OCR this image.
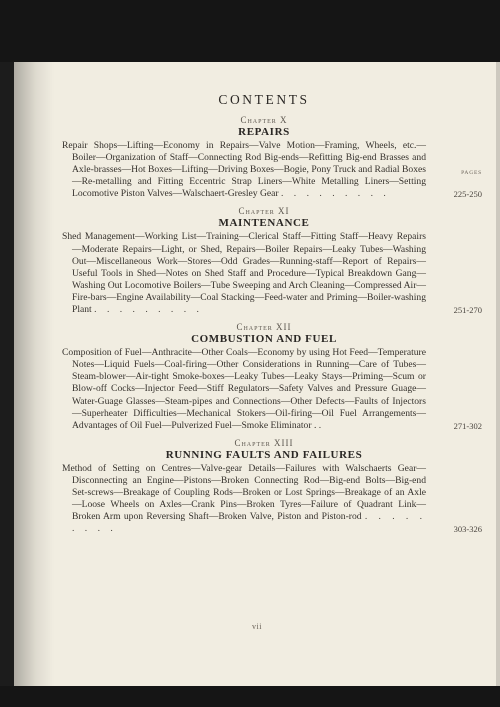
CONTENTS
PAGES
Chapter X
REPAIRS
Repair Shops—Lifting—Economy in Repairs—Valve Motion—Framing, Wheels, etc.—Boiler—Organization of Staff—Connecting Rod Big-ends—Refitting Big-end Brasses and Axle-brasses—Hot Boxes—Lifting—Driving Boxes—Bogie, Pony Truck and Radial Boxes—Re-metalling and Fitting Eccentric Strap Liners—White Metalling Liners—Setting Locomotive Piston Valves—Walschaert-Gresley Gear . . . . . . . . .	225-250
Chapter XI
MAINTENANCE
Shed Management—Working List—Training—Clerical Staff—Fitting Staff—Heavy Repairs—Moderate Repairs—Light, or Shed, Repairs—Boiler Repairs—Leaky Tubes—Washing Out—Miscellaneous Work—Stores—Odd Grades—Running-staff—Report of Repairs—Useful Tools in Shed—Notes on Shed Staff and Procedure—Typical Breakdown Gang—Washing Out Locomotive Boilers—Tube Sweeping and Arch Cleaning—Compressed Air—Fire-bars—Engine Availability—Coal Stacking—Feed-water and Priming—Boiler-washing Plant . . . . . . . . .	251-270
Chapter XII
COMBUSTION AND FUEL
Composition of Fuel—Anthracite—Other Coals—Economy by using Hot Feed—Temperature Notes—Liquid Fuels—Coal-firing—Other Considerations in Running—Care of Tubes—Steam-blower—Air-tight Smoke-boxes—Leaky Tubes—Leaky Stays—Priming—Scum or Blow-off Cocks—Injector Feed—Stiff Regulators—Safety Valves and Pressure Guage—Water-Guage Glasses—Steam-pipes and Connections—Other Defects—Faults of Injectors—Superheater Difficulties—Mechanical Stokers—Oil-firing—Oil Fuel Arrangements—Advantages of Oil Fuel—Pulverized Fuel—Smoke Eliminator . .	271-302
Chapter XIII
RUNNING FAULTS AND FAILURES
Method of Setting on Centres—Valve-gear Details—Failures with Walschaerts Gear—Disconnecting an Engine—Pistons—Broken Connecting Rod—Big-end Bolts—Big-end Set-screws—Breakage of Coupling Rods—Broken or Lost Springs—Breakage of an Axle—Loose Wheels on Axles—Crank Pins—Broken Tyres—Failure of Quadrant Link—Broken Arm upon Reversing Shaft—Broken Valve, Piston and Piston-rod . . . . . . . . .	303-326
vii
